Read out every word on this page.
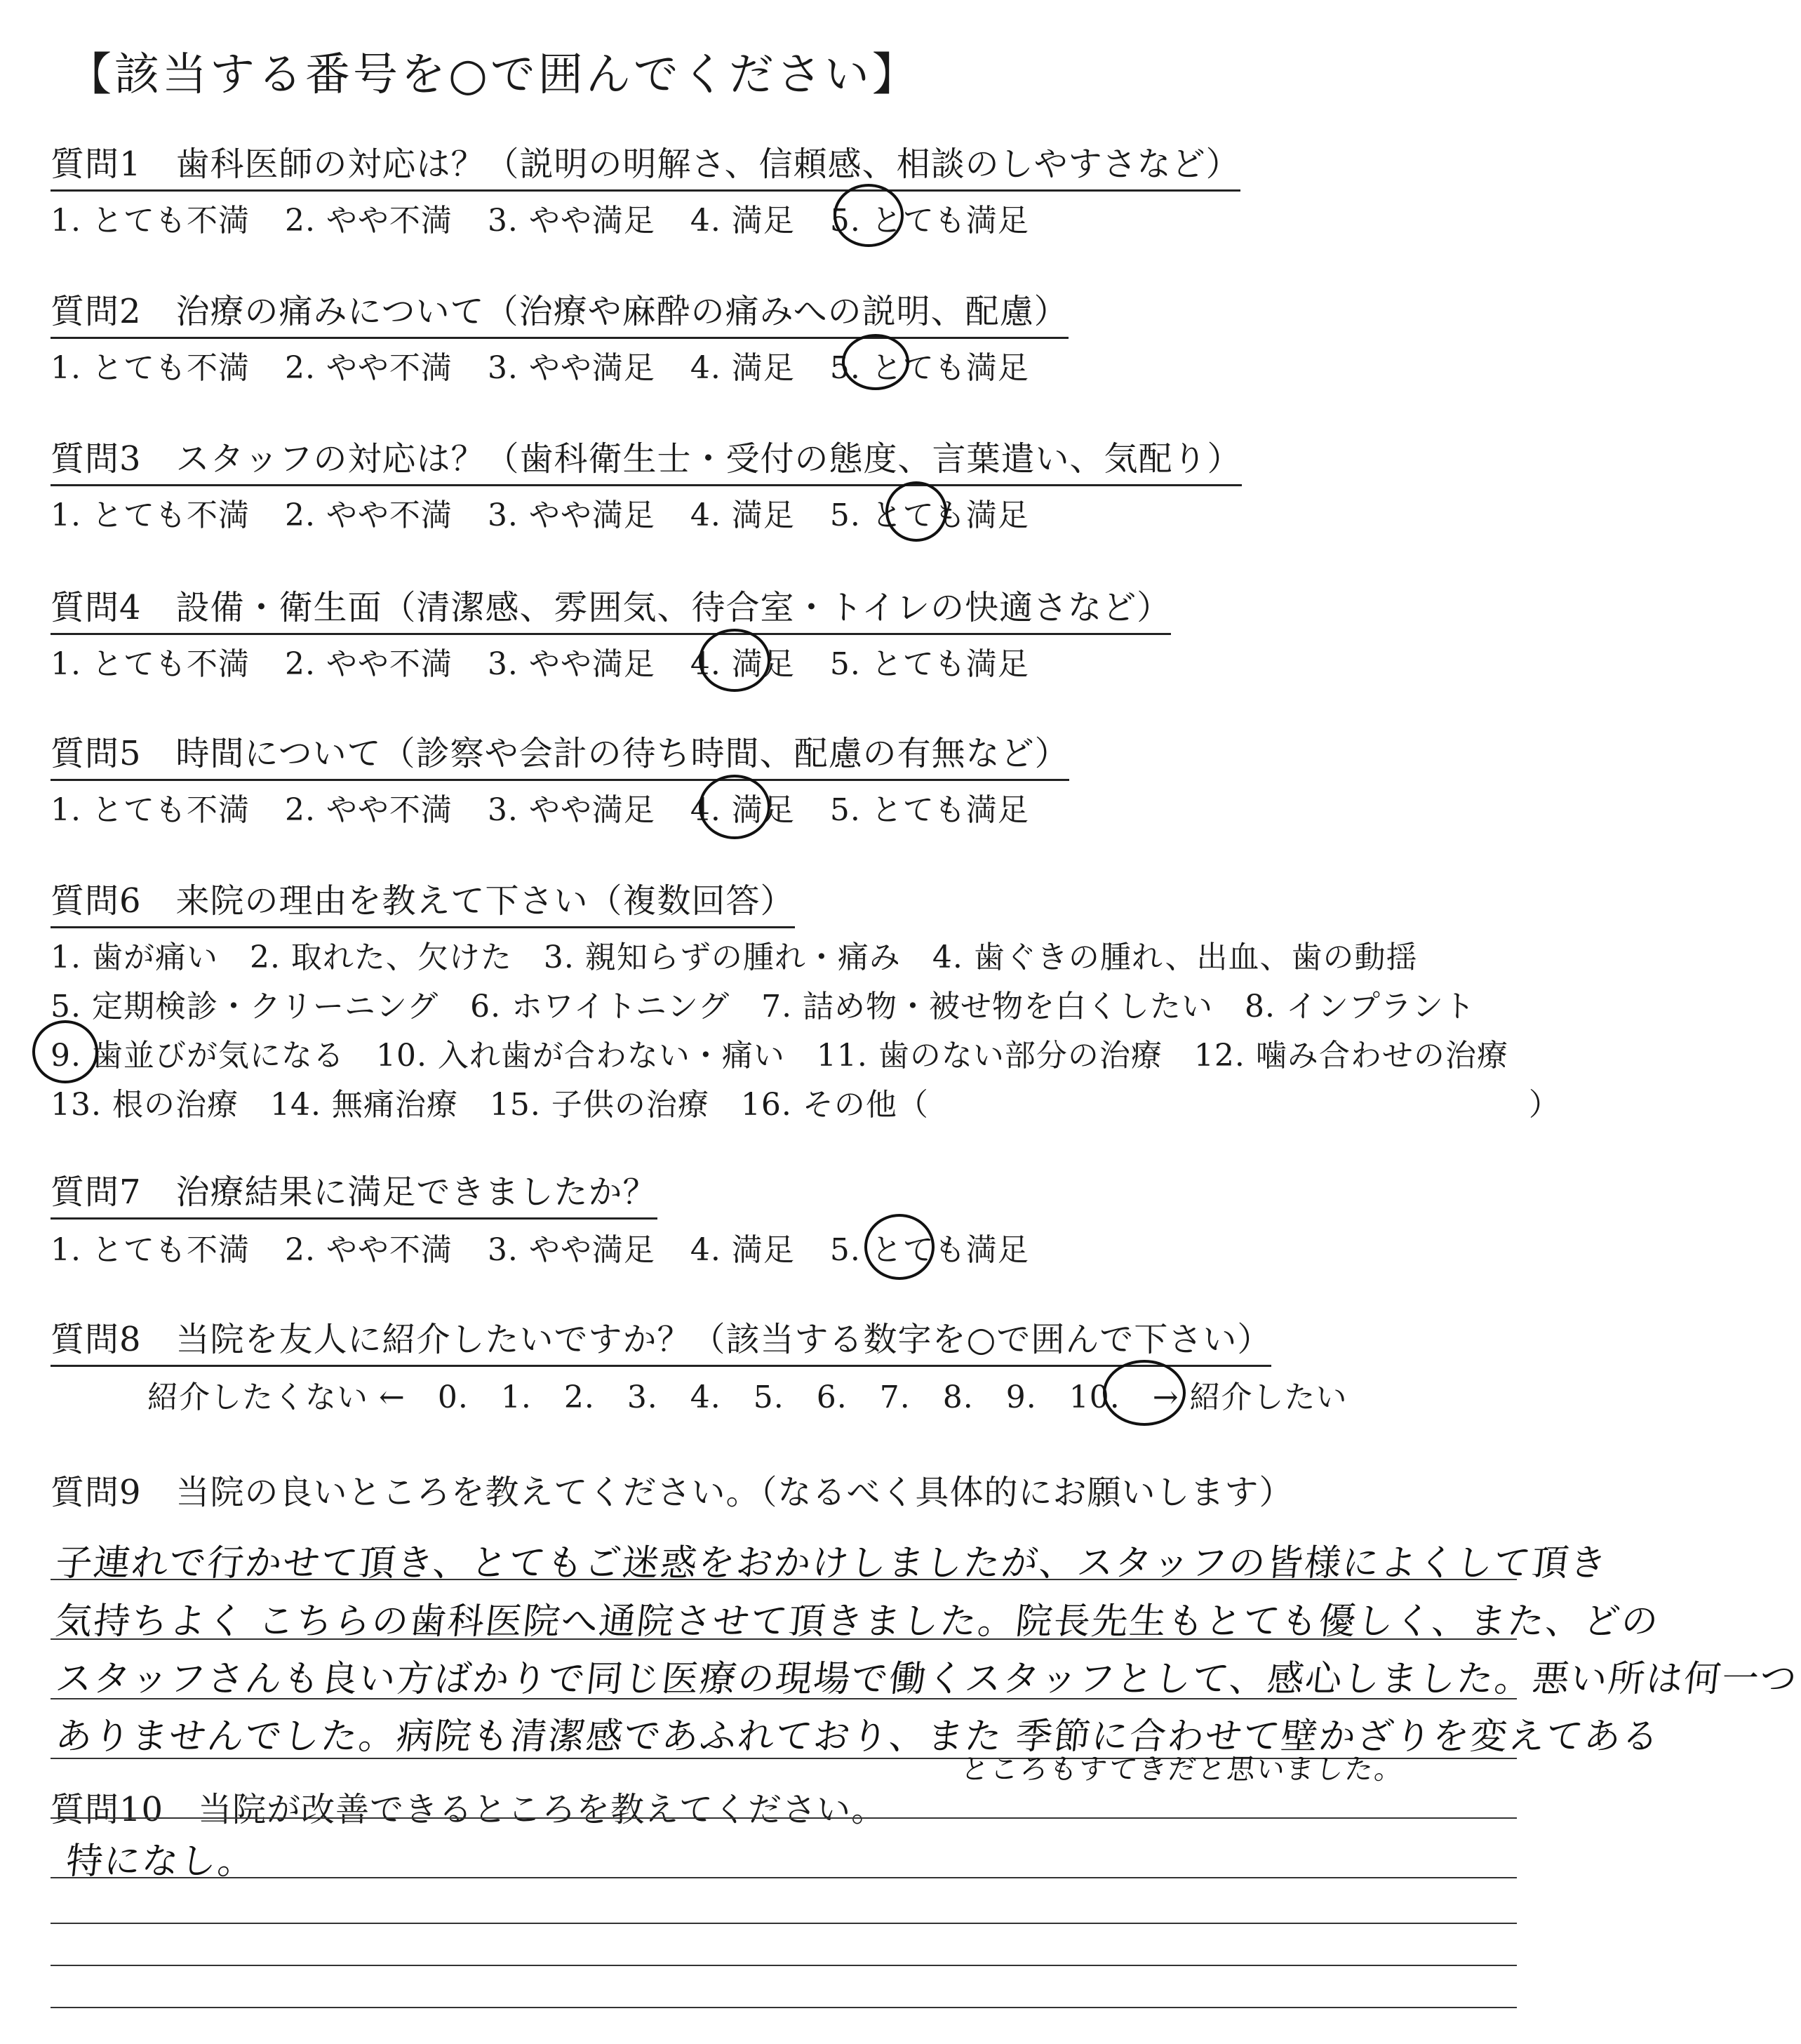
【該当する番号を○で囲んでください】
質問1　歯科医師の対応は？（説明の明解さ、信頼感、相談のしやすさなど）
1. とても不満 2. やや不満 3. やや満足 4. 満足 5. とても満足
質問2　治療の痛みについて（治療や麻酔の痛みへの説明、配慮）
1. とても不満 2. やや不満 3. やや満足 4. 満足 5. とても満足
質問3　スタッフの対応は？（歯科衛生士・受付の態度、言葉遣い、気配り）
1. とても不満 2. やや不満 3. やや満足 4. 満足 5. とても満足
質問4　設備・衛生面（清潔感、雰囲気、待合室・トイレの快適さなど）
1. とても不満 2. やや不満 3. やや満足 4. 満足 5. とても満足
質問5　時間について（診察や会計の待ち時間、配慮の有無など）
1. とても不満 2. やや不満 3. やや満足 4. 満足 5. とても満足
質問6　来院の理由を教えて下さい（複数回答）
1. 歯が痛い　2. 取れた、欠けた　3. 親知らずの腫れ・痛み　4. 歯ぐきの腫れ、出血、歯の動揺
5. 定期検診・クリーニング　6. ホワイトニング　7. 詰め物・被せ物を白くしたい　8. インプラント
9. 歯並びが気になる　10. 入れ歯が合わない・痛い　11. 歯のない部分の治療　12. 噛み合わせの治療
13. 根の治療　14. 無痛治療　15. 子供の治療　16. その他（　　　　　　　　　　　　　　　　　　　）
質問7　治療結果に満足できましたか？
1. とても不満 2. やや不満 3. やや満足 4. 満足 5. とても満足
質問8　当院を友人に紹介したいですか？（該当する数字を○で囲んで下さい）
紹介したくない ← 0. 1. 2. 3. 4. 5. 6. 7. 8. 9. 10. → 紹介したい
質問9　当院の良いところを教えてください。（なるべく具体的にお願いします）
子連れで行かせて頂き、とてもご迷惑をおかけしましたが、スタッフの皆様によくして頂き
気持ちよく こちらの歯科医院へ通院させて頂きました。院長先生もとても優しく、また、どの
スタッフさんも良い方ばかりで同じ医療の現場で働くスタッフとして、感心しました。悪い所は何一つ
ありませんでした。病院も清潔感であふれており、また 季節に合わせて壁かざりを変えてある
ところもすてきだと思いました。
質問10　当院が改善できるところを教えてください。
特になし。
